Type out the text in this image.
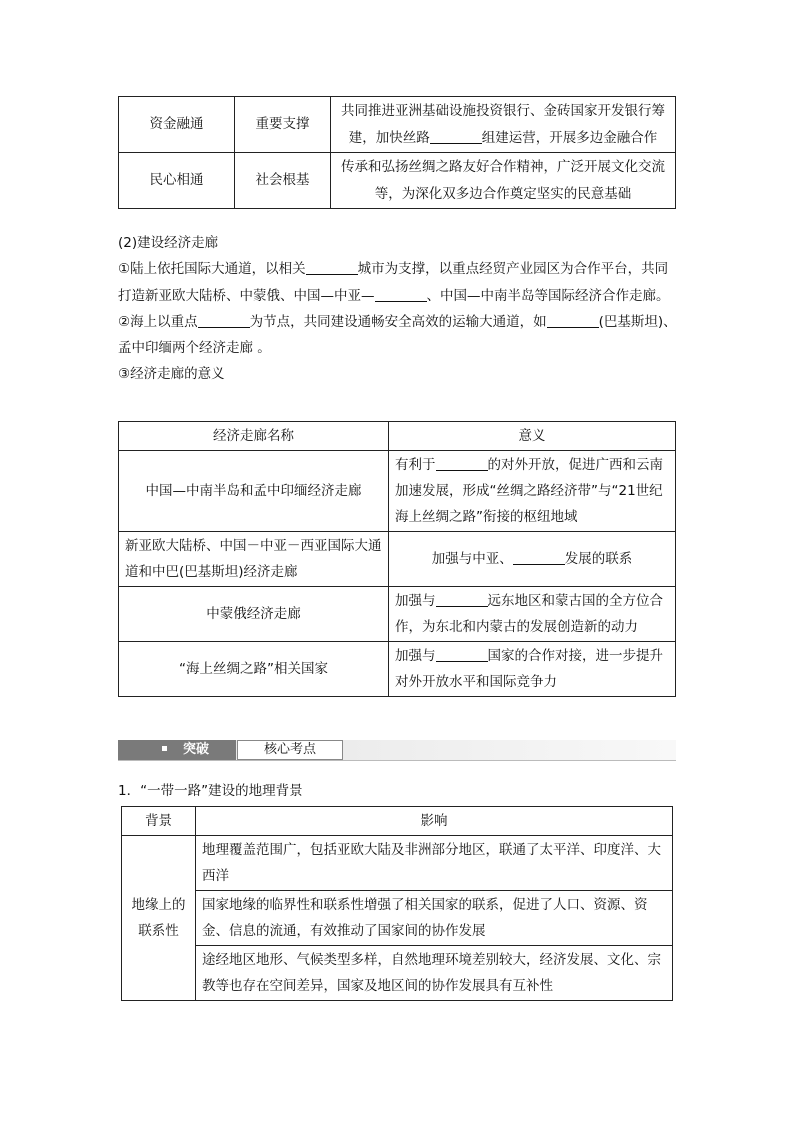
资金融通	重要支撑	共同推进亚洲基础设施投资银行、金砖国家开发银行筹建，加快丝路 组建运营，开展多边金融合作
民心相通	社会根基	传承和弘扬丝绸之路友好合作精神，广泛开展文化交流等，为深化双多边合作奠定坚实的民意基础

(2)建设经济走廊

①陆上依托国际大通道，以相关	城市为支撑，以重点经贸产业园区为合作平台，共同打造新亚欧大陆桥、中蒙俄、中国—中亚—	、中国—中南半岛等国际经济合作走廊。

②海上以重点	为节点，共同建设通畅安全高效的运输大通道，如	(巴基斯坦)、孟中印缅两个经济走廊 。

③经济走廊的意义

经济走廊名称	意义
中国—中南半岛和孟中印缅经济走廊	有利于 的对外开放，促进广西和云南加速发展，形成“丝绸之路经济带”与“21世纪海上丝绸之路”衔接的枢纽地域
新亚欧大陆桥、中国－中亚－西亚国际大通道和中巴(巴基斯坦)经济走廊	加强与中亚、 发展的联系
中蒙俄经济走廊	加强与 远东地区和蒙古国的全方位合作，为东北和内蒙古的发展创造新的动力
“海上丝绸之路”相关国家	加强与 国家的合作对接，进一步提升对外开放水平和国际竞争力
突破	核心考点
1．“一带一路”建设的地理背景
背景	影响
地缘上的联系性	地理覆盖范围广，包括亚欧大陆及非洲部分地区，联通了太平洋、印度洋、大西洋
	国家地缘的临界性和联系性增强了相关国家的联系，促进了人口、资源、资金、信息的流通，有效推动了国家间的协作发展
	途经地区地形、气候类型多样，自然地理环境差别较大，经济发展、文化、宗教等也存在空间差异，国家及地区间的协作发展具有互补性
